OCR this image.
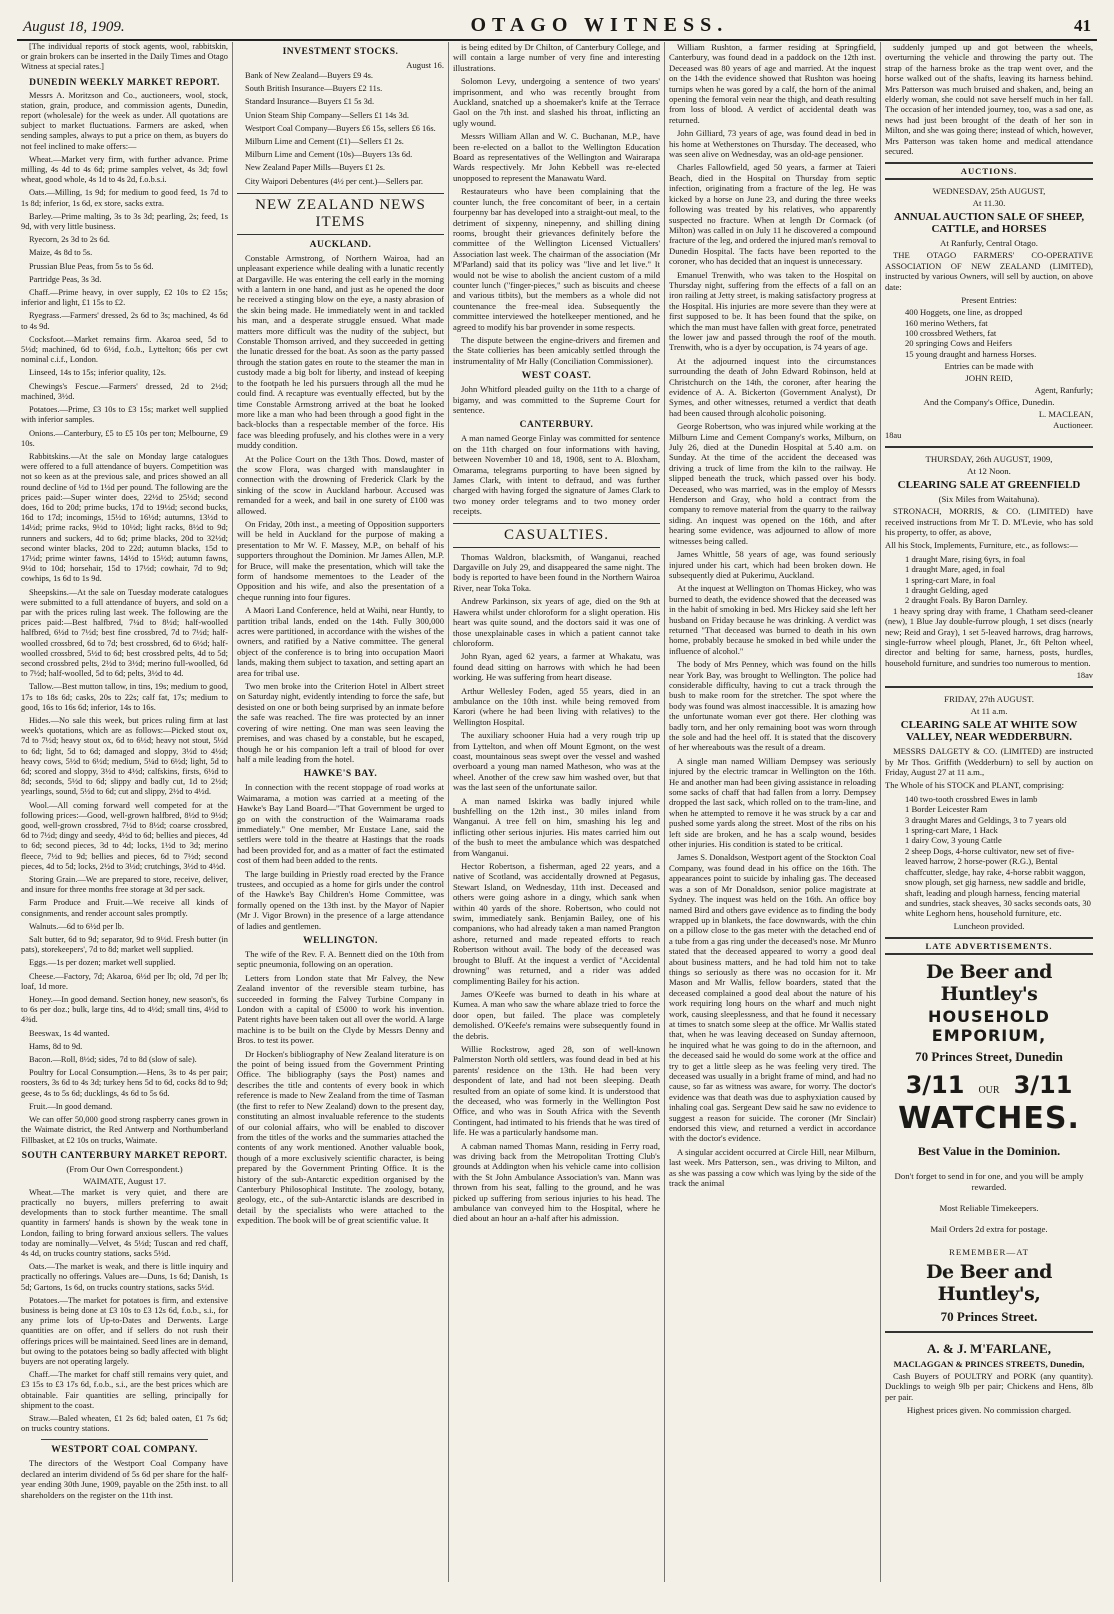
August 18, 1909.	OTAGO WITNESS.	41

[The individual reports of stock agents, wool, rabbitskin, or grain brokers can be inserted in the Daily Times and Otago Witness at special rates.]

DUNEDIN WEEKLY MARKET REPORT.

Messrs A. Moritzson and Co., auctioneers, wool, stock, station, grain, produce, and commission agents, Dunedin, report (wholesale) for the week as under. All quotations are subject to market fluctuations. Farmers are asked, when sending samples, always to put a price on them, as buyers do not feel inclined to make offers:—

Wheat.—Market very firm, with further advance. Prime milling, 4s 4d to 4s 6d; prime samples velvet, 4s 3d; fowl wheat, good whole, 4s 1d to 4s 2d, f.o.b.s.i.

Oats.—Milling, 1s 9d; for medium to good feed, 1s 7d to 1s 8d; inferior, 1s 6d, ex store, sacks extra.

Barley.—Prime malting, 3s to 3s 3d; pearling, 2s; feed, 1s 9d, with very little business.

Ryecorn, 2s 3d to 2s 6d.

Maize, 4s 8d to 5s.

Prussian Blue Peas, from 5s to 5s 6d.

Partridge Peas, 3s 3d.

Chaff.—Prime heavy, in over supply, £2 10s to £2 15s; inferior and light, £1 15s to £2.

Ryegrass.—Farmers' dressed, 2s 6d to 3s; machined, 4s 6d to 4s 9d.

Cocksfoot.—Market remains firm. Akaroa seed, 5d to 5½d; machined, 6d to 6½d, f.o.b., Lyttelton; 66s per cwt nominal c.i.f., London.

Linseed, 14s to 15s; inferior quality, 12s.

Chewings's Fescue.—Farmers' dressed, 2d to 2½d; machined, 3½d.

Potatoes.—Prime, £3 10s to £3 15s; market well supplied with inferior samples.

Onions.—Canterbury, £5 to £5 10s per ton; Melbourne, £9 10s.

Rabbitskins.—At the sale on Monday large catalogues were offered to a full attendance of buyers. Competition was not so keen as at the previous sale, and prices showed an all round decline of ½d to 1½d per pound. The following are the prices paid:—Super winter does, 22½d to 25½d; second does, 16d to 20d; prime bucks, 17d to 19½d; second bucks, 16d to 17d; incomings, 15½d to 16½d; autumns, 13½d to 14½d; prime racks, 9½d to 10½d; light racks, 8½d to 9d; runners and suckers, 4d to 6d; prime blacks, 20d to 32½d; second winter blacks, 20d to 22d; autumn blacks, 15d to 17½d; prime winter fawns, 14½d to 15½d; autumn fawns, 9½d to 10d; horsehair, 15d to 17½d; cowhair, 7d to 9d; cowhips, 1s 6d to 1s 9d.

Sheepskins.—At the sale on Tuesday moderate catalogues were submitted to a full attendance of buyers, and sold on a par with the prices ruling last week. The following are the prices paid:—Best halfbred, 7¼d to 8½d; half-woolled halfbred, 6½d to 7½d; best fine crossbred, 7d to 7½d; half-woolled crossbred, 6d to 7d; best crossbred, 6d to 6½d; half-woolled crossbred, 5½d to 6d; best crossbred pelts, 4d to 5d; second crossbred pelts, 2½d to 3½d; merino full-woolled, 6d to 7½d; half-woolled, 5d to 6d; pelts, 3½d to 4d.

Tallow.—Best mutton tallow, in tins, 19s; medium to good, 17s to 18s 6d; casks, 20s to 22s; calf fat, 17s; medium to good, 16s to 16s 6d; inferior, 14s to 16s.

Hides.—No sale this week, but prices ruling firm at last week's quotations, which are as follows:—Picked stout ox, 7d to 7½d; heavy stout ox, 6d to 6½d; heavy not stout, 5½d to 6d; light, 5d to 6d; damaged and sloppy, 3½d to 4½d; heavy cows, 5½d to 6½d; medium, 5¼d to 6½d; light, 5d to 6d; scored and sloppy, 3½d to 4½d; calfskins, firsts, 6½d to 8d; seconds, 5½d to 6d; slippy and badly cut, 1d to 2½d; yearlings, sound, 5½d to 6d; cut and slippy, 2½d to 4½d.

Wool.—All coming forward well competed for at the following prices:—Good, well-grown halfbred, 8½d to 9½d; good, well-grown crossbred, 7½d to 8½d; coarse crossbred, 6d to 7½d; dingy and seedy, 4½d to 6d; bellies and pieces, 4d to 6d; second pieces, 3d to 4d; locks, 1½d to 3d; merino fleece, 7½d to 9d; bellies and pieces, 6d to 7½d; second pieces, 4d to 5d; locks, 2½d to 3½d; crutchings, 3½d to 4½d.

Storing Grain.—We are prepared to store, receive, deliver, and insure for three months free storage at 3d per sack.

Farm Produce and Fruit.—We receive all kinds of consignments, and render account sales promptly.

Walnuts.—6d to 6½d per lb.

Salt butter, 6d to 9d; separator, 9d to 9½d. Fresh butter (in pats), storekeepers', 7d to 8d; market well supplied.

Eggs.—1s per dozen; market well supplied.

Cheese.—Factory, 7d; Akaroa, 6½d per lb; old, 7d per lb; loaf, 1d more.

Honey.—In good demand. Section honey, new season's, 6s to 6s per doz.; bulk, large tins, 4d to 4½d; small tins, 4½d to 4¾d.

Beeswax, 1s 4d wanted.

Hams, 8d to 9d.

Bacon.—Roll, 8½d; sides, 7d to 8d (slow of sale).

Poultry for Local Consumption.—Hens, 3s to 4s per pair; roosters, 3s 6d to 4s 3d; turkey hens 5d to 6d, cocks 8d to 9d; geese, 4s to 5s 6d; ducklings, 4s 6d to 5s 6d.

Fruit.—In good demand.

We can offer 50,000 good strong raspberry canes grown in the Waimate district, the Red Antwerp and Northumberland Fillbasket, at £2 10s on trucks, Waimate.

SOUTH CANTERBURY MARKET REPORT.
(From Our Own Correspondent.)
WAIMATE, August 17.

Wheat.—The market is very quiet, and there are practically no buyers, millers preferring to await developments than to stock further meantime. The small quantity in farmers' hands is shown by the weak tone in London, failing to bring forward anxious sellers. The values today are nominally—Velvet, 4s 5½d; Tuscan and red chaff, 4s 4d, on trucks country stations, sacks 5½d.

Oats.—The market is weak, and there is little inquiry and practically no offerings. Values are—Duns, 1s 6d; Danish, 1s 5d; Gartons, 1s 6d, on trucks country stations, sacks 5½d.

Potatoes.—The market for potatoes is firm, and extensive business is being done at £3 10s to £3 12s 6d, f.o.b., s.i., for any prime lots of Up-to-Dates and Derwents. Large quantities are on offer, and if sellers do not rush their offerings prices will be maintained. Seed lines are in demand, but owing to the potatoes being so badly affected with blight buyers are not operating largely.

Chaff.—The market for chaff still remains very quiet, and £3 15s to £3 17s 6d, f.o.b., s.i., are the best prices which are obtainable. Fair quantities are selling, principally for shipment to the coast.

Straw.—Baled wheaten, £1 2s 6d; baled oaten, £1 7s 6d; on trucks country stations.

WESTPORT COAL COMPANY.

The directors of the Westport Coal Company have declared an interim dividend of 5s 6d per share for the half-year ending 30th June, 1909, payable on the 25th inst. to all shareholders on the register on the 11th inst.

INVESTMENT STOCKS.
August 16.

Bank of New Zealand—Buyers £9 4s.

South British Insurance—Buyers £2 11s.

Standard Insurance—Buyers £1 5s 3d.

Union Steam Ship Company—Sellers £1 14s 3d.

Westport Coal Company—Buyers £6 15s, sellers £6 16s.

Milburn Lime and Cement (£1)—Sellers £1 2s.

Milburn Lime and Cement (10s)—Buyers 13s 6d.

New Zealand Paper Mills—Buyers £1 2s.

City Waipori Debentures (4½ per cent.)—Sellers par.

NEW ZEALAND NEWS ITEMS
AUCKLAND.

Constable Armstrong, of Northern Wairoa, had an unpleasant experience while dealing with a lunatic recently at Dargaville. He was entering the cell early in the morning with a lantern in one hand, and just as he opened the door he received a stinging blow on the eye, a nasty abrasion of the skin being made. He immediately went in and tackled his man, and a desperate struggle ensued. What made matters more difficult was the nudity of the subject, but Constable Thomson arrived, and they succeeded in getting the lunatic dressed for the boat. As soon as the party passed through the station gates en route to the steamer the man in custody made a big bolt for liberty, and instead of keeping to the footpath he led his pursuers through all the mud he could find. A recapture was eventually effected, but by the time Constable Armstrong arrived at the boat he looked more like a man who had been through a good fight in the back-blocks than a respectable member of the force. His face was bleeding profusely, and his clothes were in a very muddy condition.

At the Police Court on the 13th Thos. Dowd, master of the scow Flora, was charged with manslaughter in connection with the drowning of Frederick Clark by the sinking of the scow in Auckland harbour. Accused was remanded for a week, and bail in one surety of £100 was allowed.

On Friday, 20th inst., a meeting of Opposition supporters will be held in Auckland for the purpose of making a presentation to Mr W. F. Massey, M.P., on behalf of his supporters throughout the Dominion. Mr James Allen, M.P. for Bruce, will make the presentation, which will take the form of handsome mementoes to the Leader of the Opposition and his wife, and also the presentation of a cheque running into four figures.

A Maori Land Conference, held at Waihi, near Huntly, to partition tribal lands, ended on the 14th. Fully 300,000 acres were partitioned, in accordance with the wishes of the owners, and ratified by a Native committee. The general object of the conference is to bring into occupation Maori lands, making them subject to taxation, and setting apart an area for tribal use.

Two men broke into the Criterion Hotel in Albert street on Saturday night, evidently intending to force the safe, but desisted on one or both being surprised by an inmate before the safe was reached. The fire was protected by an inner covering of wire netting. One man was seen leaving the premises, and was chased by a constable, but he escaped, though he or his companion left a trail of blood for over half a mile leading from the hotel.

HAWKE'S BAY.

In connection with the recent stoppage of road works at Waimarama, a motion was carried at a meeting of the Hawke's Bay Land Board—"That Government be urged to go on with the construction of the Waimarama roads immediately." One member, Mr Eustace Lane, said the settlers were told in the theatre at Hastings that the roads had been provided for, and as a matter of fact the estimated cost of them had been added to the rents.

The large building in Priestly road erected by the France trustees, and occupied as a home for girls under the control of the Hawke's Bay Children's Home Committee, was formally opened on the 13th inst. by the Mayor of Napier (Mr J. Vigor Brown) in the presence of a large attendance of ladies and gentlemen.

WELLINGTON.

The wife of the Rev. F. A. Bennett died on the 10th from septic pneumonia, following on an operation.

Letters from London state that Mr Falvey, the New Zealand inventor of the reversible steam turbine, has succeeded in forming the Falvey Turbine Company in London with a capital of £5000 to work his invention. Patent rights have been taken out all over the world. A large machine is to be built on the Clyde by Messrs Denny and Bros. to test its power.

Dr Hocken's bibliography of New Zealand literature is on the point of being issued from the Government Printing Office. The bibliography (says the Post) names and describes the title and contents of every book in which reference is made to New Zealand from the time of Tasman (the first to refer to New Zealand) down to the present day, constituting an almost invaluable reference to the students of our colonial affairs, who will be enabled to discover from the titles of the works and the summaries attached the contents of any work mentioned. Another valuable book, though of a more exclusively scientific character, is being prepared by the Government Printing Office. It is the history of the sub-Antarctic expedition organised by the Canterbury Philosophical Institute. The zoology, botany, geology, etc., of the sub-Antarctic islands are described in detail by the specialists who were attached to the expedition. The book will be of great scientific value. It

is being edited by Dr Chilton, of Canterbury College, and will contain a large number of very fine and interesting illustrations.

Solomon Levy, undergoing a sentence of two years' imprisonment, and who was recently brought from Auckland, snatched up a shoemaker's knife at the Terrace Gaol on the 7th inst. and slashed his throat, inflicting an ugly wound.

Messrs William Allan and W. C. Buchanan, M.P., have been re-elected on a ballot to the Wellington Education Board as representatives of the Wellington and Wairarapa Wards respectively. Mr John Kebbell was re-elected unopposed to represent the Manawatu Ward.

Restaurateurs who have been complaining that the counter lunch, the free concomitant of beer, in a certain fourpenny bar has developed into a straight-out meal, to the detriment of sixpenny, ninepenny, and shilling dining rooms, brought their grievances definitely before the committee of the Wellington Licensed Victuallers' Association last week. The chairman of the association (Mr M'Parland) said that its policy was "live and let live." It would not be wise to abolish the ancient custom of a mild counter lunch ("finger-pieces," such as biscuits and cheese and various titbits), but the members as a whole did not countenance the free-meal idea. Subsequently the committee interviewed the hotelkeeper mentioned, and he agreed to modify his bar provender in some respects.

The dispute between the engine-drivers and firemen and the State collieries has been amicably settled through the instrumentality of Mr Hally (Conciliation Commissioner).

WEST COAST.

John Whitford pleaded guilty on the 11th to a charge of bigamy, and was committed to the Supreme Court for sentence.

CANTERBURY.

A man named George Finlay was committed for sentence on the 11th charged on four informations with having, between November 10 and 18, 1908, sent to A. Bloxham, Omarama, telegrams purporting to have been signed by James Clark, with intent to defraud, and was further charged with having forged the signature of James Clark to two money order telegrams and to two money order receipts.

CASUALTIES.

Thomas Waldron, blacksmith, of Wanganui, reached Dargaville on July 29, and disappeared the same night. The body is reported to have been found in the Northern Wairoa River, near Toka Toka.

Andrew Parkinson, six years of age, died on the 9th at Hawera whilst under chloroform for a slight operation. His heart was quite sound, and the doctors said it was one of those unexplainable cases in which a patient cannot take chloroform.

John Ryan, aged 62 years, a farmer at Whakatu, was found dead sitting on harrows with which he had been working. He was suffering from heart disease.

Arthur Wellesley Foden, aged 55 years, died in an ambulance on the 10th inst. while being removed from Karori (where he had been living with relatives) to the Wellington Hospital.

The auxiliary schooner Huia had a very rough trip up from Lyttelton, and when off Mount Egmont, on the west coast, mountainous seas swept over the vessel and washed overboard a young man named Matheson, who was at the wheel. Another of the crew saw him washed over, but that was the last seen of the unfortunate sailor.

A man named Iskirka was badly injured while bushfelling on the 12th inst., 30 miles inland from Wanganui. A tree fell on him, smashing his leg and inflicting other serious injuries. His mates carried him out of the bush to meet the ambulance which was despatched from Wanganui.

Hector Robertson, a fisherman, aged 22 years, and a native of Scotland, was accidentally drowned at Pegasus, Stewart Island, on Wednesday, 11th inst. Deceased and others were going ashore in a dingy, which sank when within 40 yards of the shore. Robertson, who could not swim, immediately sank. Benjamin Bailey, one of his companions, who had already taken a man named Prangton ashore, returned and made repeated efforts to reach Robertson without avail. The body of the deceased was brought to Bluff. At the inquest a verdict of "Accidental drowning" was returned, and a rider was added complimenting Bailey for his action.

James O'Keefe was burned to death in his whare at Kumea. A man who saw the whare ablaze tried to force the door open, but failed. The place was completely demolished. O'Keefe's remains were subsequently found in the debris.

Willie Rockstrow, aged 28, son of well-known Palmerston North old settlers, was found dead in bed at his parents' residence on the 13th. He had been very despondent of late, and had not been sleeping. Death resulted from an opiate of some kind. It is understood that the deceased, who was formerly in the Wellington Post Office, and who was in South Africa with the Seventh Contingent, had intimated to his friends that he was tired of life. He was a particularly handsome man.

A cabman named Thomas Mann, residing in Ferry road, was driving back from the Metropolitan Trotting Club's grounds at Addington when his vehicle came into collision with the St John Ambulance Association's van. Mann was thrown from his seat, falling to the ground, and he was picked up suffering from serious injuries to his head. The ambulance van conveyed him to the Hospital, where he died about an hour an a-half after his admission.

William Rushton, a farmer residing at Springfield, Canterbury, was found dead in a paddock on the 12th inst. Deceased was 80 years of age and married. At the inquest on the 14th the evidence showed that Rushton was hoeing turnips when he was gored by a calf, the horn of the animal opening the femoral vein near the thigh, and death resulting from loss of blood. A verdict of accidental death was returned.

John Gilliard, 73 years of age, was found dead in bed in his home at Wetherstones on Thursday. The deceased, who was seen alive on Wednesday, was an old-age pensioner.

Charles Fallowfield, aged 50 years, a farmer at Taieri Beach, died in the Hospital on Thursday from septic infection, originating from a fracture of the leg. He was kicked by a horse on June 23, and during the three weeks following was treated by his relatives, who apparently suspected no fracture. When at length Dr Cormack (of Milton) was called in on July 11 he discovered a compound fracture of the leg, and ordered the injured man's removal to Dunedin Hospital. The facts have been reported to the coroner, who has decided that an inquest is unnecessary.

Emanuel Trenwith, who was taken to the Hospital on Thursday night, suffering from the effects of a fall on an iron railing at Jetty street, is making satisfactory progress at the Hospital. His injuries are more severe than they were at first supposed to be. It has been found that the spike, on which the man must have fallen with great force, penetrated the lower jaw and passed through the roof of the mouth. Trenwith, who is a dyer by occupation, is 74 years of age.

At the adjourned inquest into the circumstances surrounding the death of John Edward Robinson, held at Christchurch on the 14th, the coroner, after hearing the evidence of A. A. Bickerton (Government Analyst), Dr Symes, and other witnesses, returned a verdict that death had been caused through alcoholic poisoning.

George Robertson, who was injured while working at the Milburn Lime and Cement Company's works, Milburn, on July 26, died at the Dunedin Hospital at 5.40 a.m. on Sunday. At the time of the accident the deceased was driving a truck of lime from the kiln to the railway. He slipped beneath the truck, which passed over his body. Deceased, who was married, was in the employ of Messrs Henderson and Gray, who hold a contract from the company to remove material from the quarry to the railway siding. An inquest was opened on the 16th, and after hearing some evidence, was adjourned to allow of more witnesses being called.

James Whittle, 58 years of age, was found seriously injured under his cart, which had been broken down. He subsequently died at Pukerimu, Auckland.

At the inquest at Wellington on Thomas Hickey, who was burned to death, the evidence showed that the deceased was in the habit of smoking in bed. Mrs Hickey said she left her husband on Friday because he was drinking. A verdict was returned "That deceased was burned to death in his own home, probably because he smoked in bed while under the influence of alcohol."

The body of Mrs Penney, which was found on the hills near York Bay, was brought to Wellington. The police had considerable difficulty, having to cut a track through the bush to make room for the stretcher. The spot where the body was found was almost inaccessible. It is amazing how the unfortunate woman ever got there. Her clothing was badly torn, and her only remaining boot was worn through the sole and had the heel off. It is stated that the discovery of her whereabouts was the result of a dream.

A single man named William Dempsey was seriously injured by the electric tramcar in Wellington on the 16th. He and another man had been giving assistance in reloading some sacks of chaff that had fallen from a lorry. Dempsey dropped the last sack, which rolled on to the tram-line, and when he attempted to remove it he was struck by a car and pushed some yards along the street. Most of the ribs on his left side are broken, and he has a scalp wound, besides other injuries. His condition is stated to be critical.

James S. Donaldson, Westport agent of the Stockton Coal Company, was found dead in his office on the 16th. The appearances point to suicide by inhaling gas. The deceased was a son of Mr Donaldson, senior police magistrate at Sydney. The inquest was held on the 16th. An office boy named Bird and others gave evidence as to finding the body wrapped up in blankets, the face downwards, with the chin on a pillow close to the gas meter with the detached end of a tube from a gas ring under the deceased's nose. Mr Munro stated that the deceased appeared to worry a good deal about business matters, and he had told him not to take things so seriously as there was no occasion for it. Mr Mason and Mr Wallis, fellow boarders, stated that the deceased complained a good deal about the nature of his work requiring long hours on the wharf and much night work, causing sleeplessness, and that he found it necessary at times to snatch some sleep at the office. Mr Wallis stated that, when he was leaving deceased on Sunday afternoon, he inquired what he was going to do in the afternoon, and the deceased said he would do some work at the office and try to get a little sleep as he was feeling very tired. The deceased was usually in a bright frame of mind, and had no cause, so far as witness was aware, for worry. The doctor's evidence was that death was due to asphyxiation caused by inhaling coal gas. Sergeant Dew said he saw no evidence to suggest a reason for suicide. The coroner (Mr Sinclair) endorsed this view, and returned a verdict in accordance with the doctor's evidence.

A singular accident occurred at Circle Hill, near Milburn, last week. Mrs Patterson, sen., was driving to Milton, and as she was passing a cow which was lying by the side of the track the animal

suddenly jumped up and got between the wheels, overturning the vehicle and throwing the party out. The strap of the harness broke as the trap went over, and the horse walked out of the shafts, leaving its harness behind. Mrs Patterson was much bruised and shaken, and, being an elderly woman, she could not save herself much in her fall. The occasion of her intended journey, too, was a sad one, as news had just been brought of the death of her son in Milton, and she was going there; instead of which, however, Mrs Patterson was taken home and medical attendance secured.

AUCTIONS.
WEDNESDAY, 25th AUGUST,
At 11.30.
ANNUAL AUCTION SALE OF SHEEP, CATTLE, and HORSES
At Ranfurly, Central Otago.

THE OTAGO FARMERS' CO-OPERATIVE ASSOCIATION OF NEW ZEALAND (LIMITED), instructed by various Owners, will sell by auction, on above date:

Present Entries:

400 Hoggets, one line, as dropped

160 merino Wethers, fat

100 crossbred Wethers, fat

20 springing Cows and Heifers

15 young draught and harness Horses.

Entries can be made with
JOHN REID,
Agent, Ranfurly;
And the Company's Office, Dunedin.
L. MACLEAN,
Auctioneer.
18au
THURSDAY, 26th AUGUST, 1909,
At 12 Noon.
CLEARING SALE AT GREENFIELD
(Six Miles from Waitahuna).

STRONACH, MORRIS, & CO. (LIMITED) have received instructions from Mr T. D. M'Levie, who has sold his property, to offer, as above,

All his Stock, Implements, Furniture, etc., as follows:—

1 draught Mare, rising 6yrs, in foal

1 draught Mare, aged, in foal

1 spring-cart Mare, in foal

1 draught Gelding, aged

2 draught Foals. By Baron Darnley.

1 heavy spring dray with frame, 1 Chatham seed-cleaner (new), 1 Blue Jay double-furrow plough, 1 set discs (nearly new; Reid and Gray), 1 set 5-leaved harrows, drag harrows, single-furrow wheel plough, Planet, Jr., 6ft Pelton wheel, director and belting for same, harness, posts, hurdles, household furniture, and sundries too numerous to mention.

18av
FRIDAY, 27th AUGUST.
At 11 a.m.
CLEARING SALE AT WHITE SOW VALLEY, NEAR WEDDERBURN.

MESSRS DALGETY & CO. (LIMITED) are instructed by Mr Thos. Griffith (Wedderburn) to sell by auction on Friday, August 27 at 11 a.m.,

The Whole of his STOCK and PLANT, comprising:

140 two-tooth crossbred Ewes in lamb

1 Border Leicester Ram

3 draught Mares and Geldings, 3 to 7 years old

1 spring-cart Mare, 1 Hack

1 dairy Cow, 3 young Cattle

2 sheep Dogs, 4-horse cultivator, new set of five-leaved harrow, 2 horse-power (R.G.), Bental chaffcutter, sledge, hay rake, 4-horse rabbit waggon, snow plough, set gig harness, new saddle and bridle, shaft, leading and plough harness, fencing material and sundries, stack sheaves, 30 sacks seconds oats, 30 white Leghorn hens, household furniture, etc.

Luncheon provided.
LATE ADVERTISEMENTS.
De Beer and Huntley's
HOUSEHOLD EMPORIUM,
70 Princes Street, Dunedin
3/11 OUR 3/11
WATCHES.
Best Value in the Dominion.
Don't forget to send in for one, and you will be amply rewarded.
Most Reliable Timekeepers.
Mail Orders 2d extra for postage.
REMEMBER—AT
De Beer and Huntley's,
70 Princes Street.
A. & J. M'FARLANE,
MACLAGGAN & PRINCES STREETS, Dunedin,

Cash Buyers of POULTRY and PORK (any quantity). Ducklings to weigh 9lb per pair; Chickens and Hens, 8lb per pair.

Highest prices given. No commission charged.
